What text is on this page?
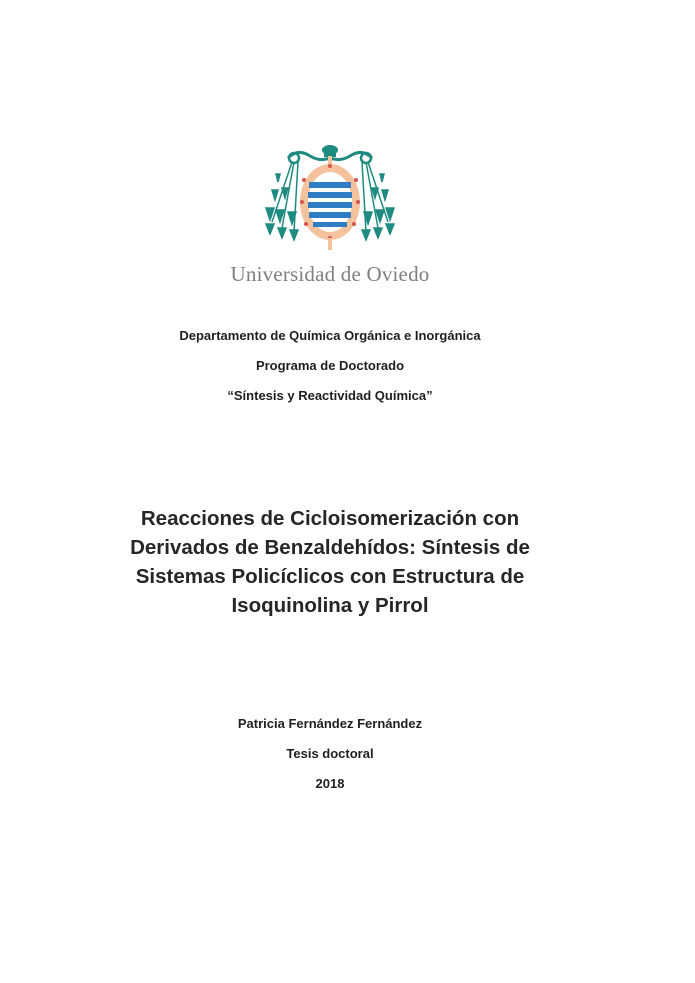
Universidad de Oviedo
Departamento de Química Orgánica e Inorgánica
Programa de Doctorado
“Síntesis y Reactividad Química”
Reacciones de Cicloisomerización con
Derivados de Benzaldehídos: Síntesis de
Sistemas Policíclicos con Estructura de
Isoquinolina y Pirrol
Patricia Fernández Fernández
Tesis doctoral
2018
